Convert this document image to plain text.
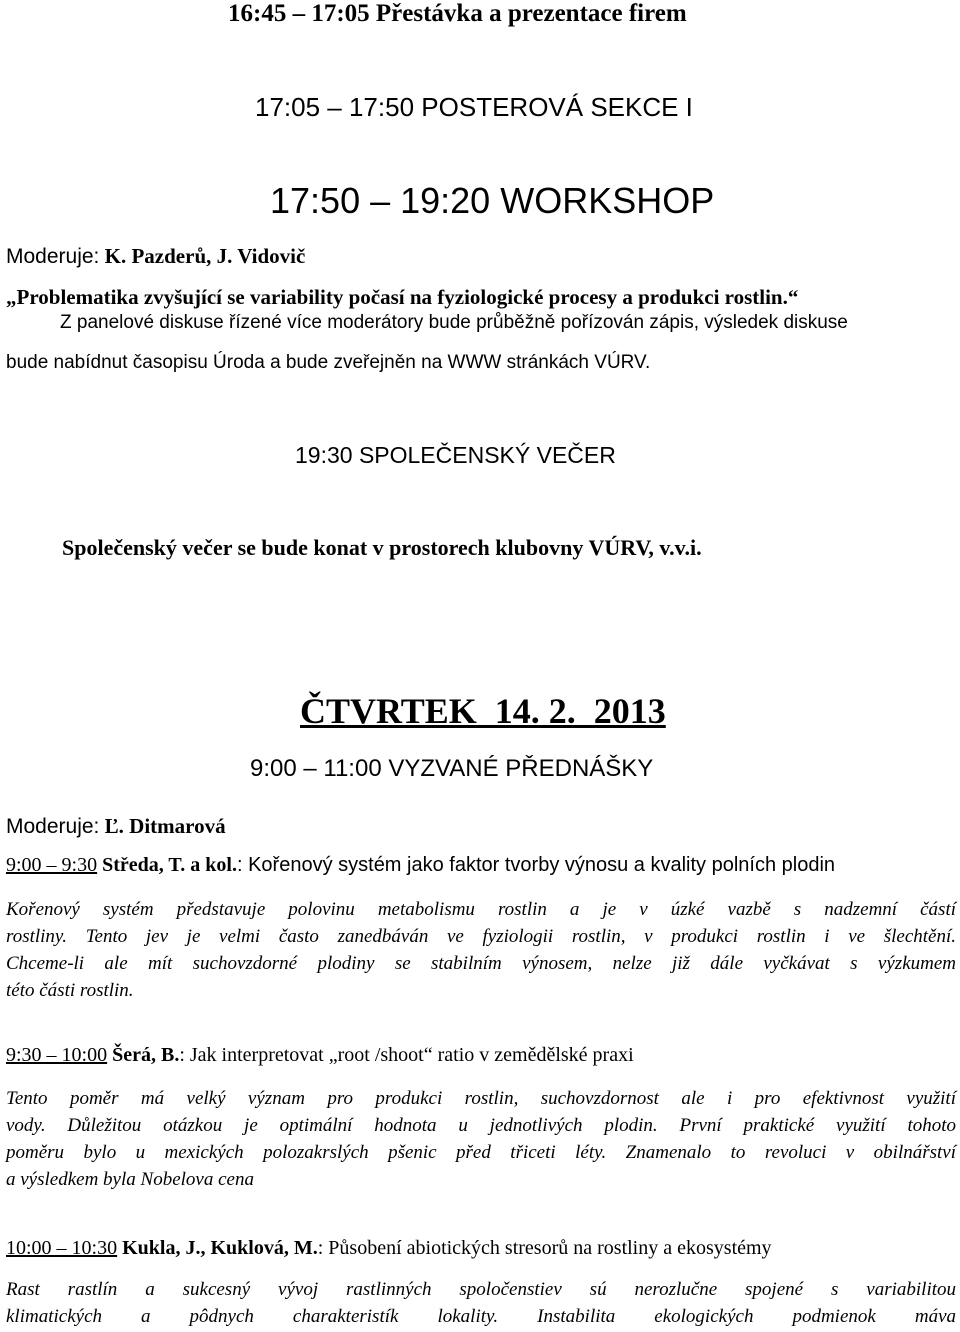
16:45 – 17:05 Přestávka a prezentace firem
17:05 – 17:50 POSTEROVÁ SEKCE I
17:50 – 19:20 WORKSHOP
Moderuje: K. Pazderů, J. Vidovič
„Problematika zvyšující se variability počasí na fyziologické procesy a produkci rostlin.“
Z panelové diskuse řízené více moderátory bude průběžně pořízován zápis, výsledek diskuse
bude nabídnut časopisu Úroda a bude zveřejněn na WWW stránkách VÚRV.
19:30 SPOLEČENSKÝ VEČER
Společenský večer se bude konat v prostorech klubovny VÚRV, v.v.i.
ČTVRTEK  14. 2.  2013
9:00 – 11:00 VYZVANÉ PŘEDNÁŠKY
Moderuje: Ľ. Ditmarová
9:00 – 9:30 Středa, T. a kol.: Kořenový systém jako faktor tvorby výnosu a kvality polních plodin
Kořenový systém představuje polovinu metabolismu rostlin a je v úzké vazbě s nadzemní částí
rostliny. Tento jev je velmi často zanedbáván ve fyziologii rostlin, v produkci rostlin i ve šlechtění.
Chceme-li ale mít suchovzdorné plodiny se stabilním výnosem, nelze již dále vyčkávat s výzkumem
této části rostlin.
9:30 – 10:00 Šerá, B.: Jak interpretovat „root /shoot“ ratio v zemědělské praxi
Tento poměr má velký význam pro produkci rostlin, suchovzdornost ale i pro efektivnost využití
vody. Důležitou otázkou je optimální hodnota u jednotlivých plodin. První praktické využití tohoto
poměru bylo u mexických polozakrslých pšenic před třiceti léty. Znamenalo to revoluci v obilnářství
a výsledkem byla Nobelova cena
10:00 – 10:30 Kukla, J., Kuklová, M.: Působení abiotických stresorů na rostliny a ekosystémy
Rast rastlín a sukcesný vývoj rastlinných spoločenstiev sú nerozlučne spojené s variabilitou
klimatických a pôdnych charakteristík lokality. Instabilita ekologických podmienok máva
